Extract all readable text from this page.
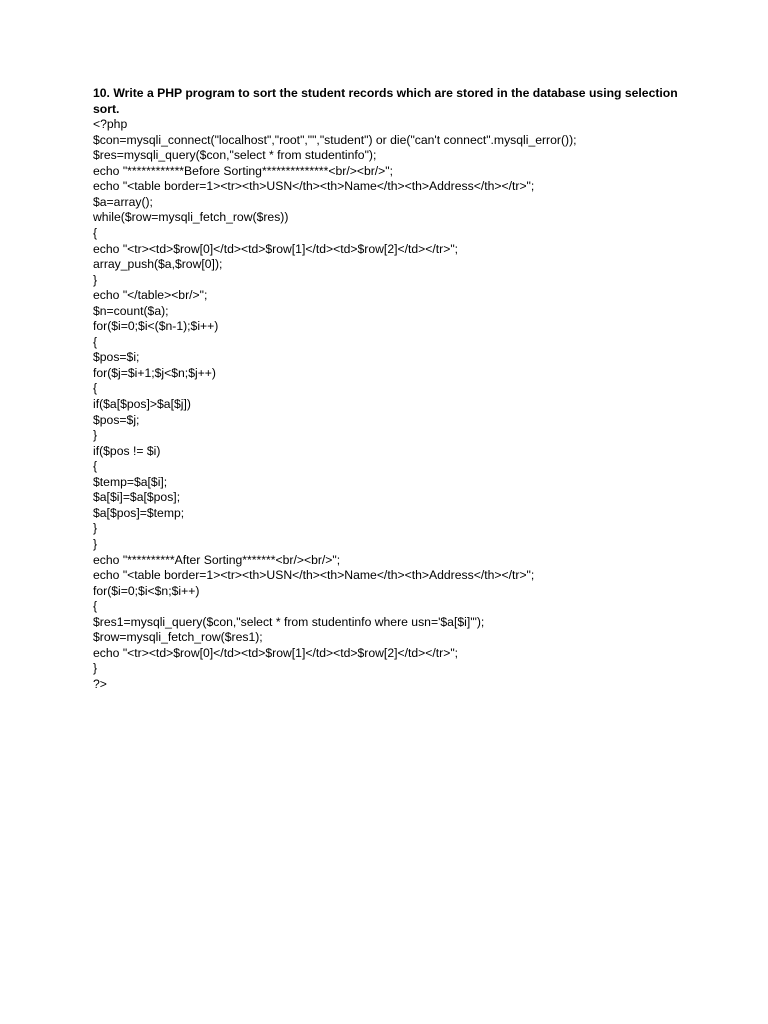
10. Write a PHP program to sort the student records which are stored in the database using selection sort.

<?php
$con=mysqli_connect("localhost","root","","student") or die("can't connect".mysqli_error());
$res=mysqli_query($con,"select * from studentinfo");
echo "************Before Sorting**************<br/><br/>";
echo "<table border=1><tr><th>USN</th><th>Name</th><th>Address</th></tr>";
$a=array();
while($row=mysqli_fetch_row($res))
{
echo "<tr><td>$row[0]</td><td>$row[1]</td><td>$row[2]</td></tr>";
array_push($a,$row[0]);
}
echo "</table><br/>";
$n=count($a);
for($i=0;$i<($n-1);$i++)
{
$pos=$i;
for($j=$i+1;$j<$n;$j++)
{
if($a[$pos]>$a[$j])
$pos=$j;
}
if($pos != $i)
{
$temp=$a[$i];
$a[$i]=$a[$pos];
$a[$pos]=$temp;
}
}
echo "**********After Sorting*******<br/><br/>";
echo "<table border=1><tr><th>USN</th><th>Name</th><th>Address</th></tr>";
for($i=0;$i<$n;$i++)
{
$res1=mysqli_query($con,"select * from studentinfo where usn='$a[$i]'");
$row=mysqli_fetch_row($res1);
echo "<tr><td>$row[0]</td><td>$row[1]</td><td>$row[2]</td></tr>";
}
?>
